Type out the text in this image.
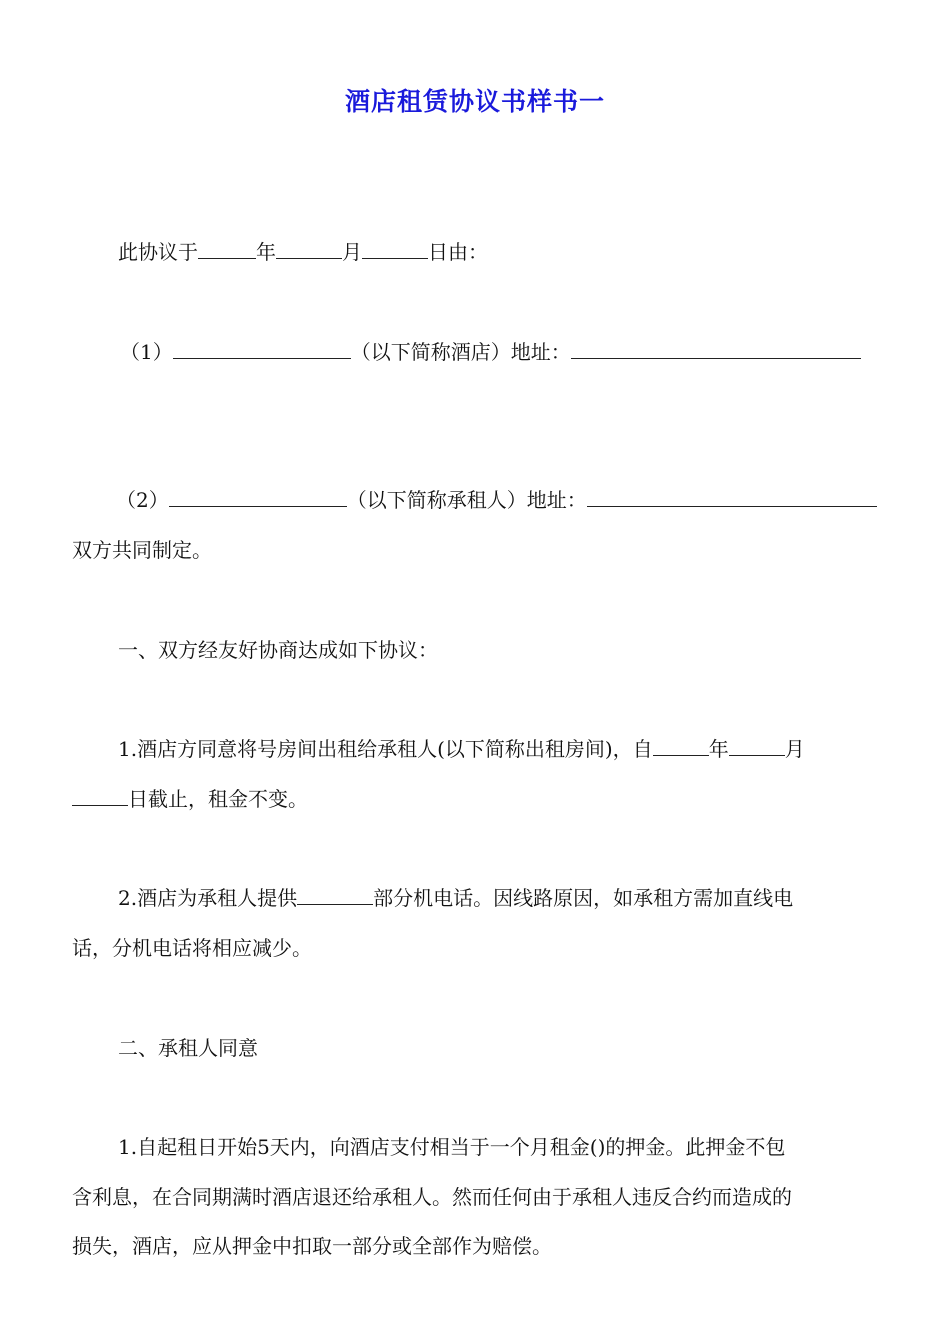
酒店租赁协议书样书一
此协议于	年	月	日由：
（1）	（以下简称酒店）地址：
（2）	（以下简称承租人）地址：
双方共同制定。
一、双方经友好协商达成如下协议：
1.酒店方同意将号房间出租给承租人(以下简称出租房间)，自	年	月
日截止，租金不变。
2.酒店为承租人提供	部分机电话。因线路原因，如承租方需加直线电
话，分机电话将相应减少。
二、承租人同意
1.自起租日开始5天内，向酒店支付相当于一个月租金()的押金。此押金不包
含利息，在合同期满时酒店退还给承租人。然而任何由于承租人违反合约而造成的
损失，酒店，应从押金中扣取一部分或全部作为赔偿。
